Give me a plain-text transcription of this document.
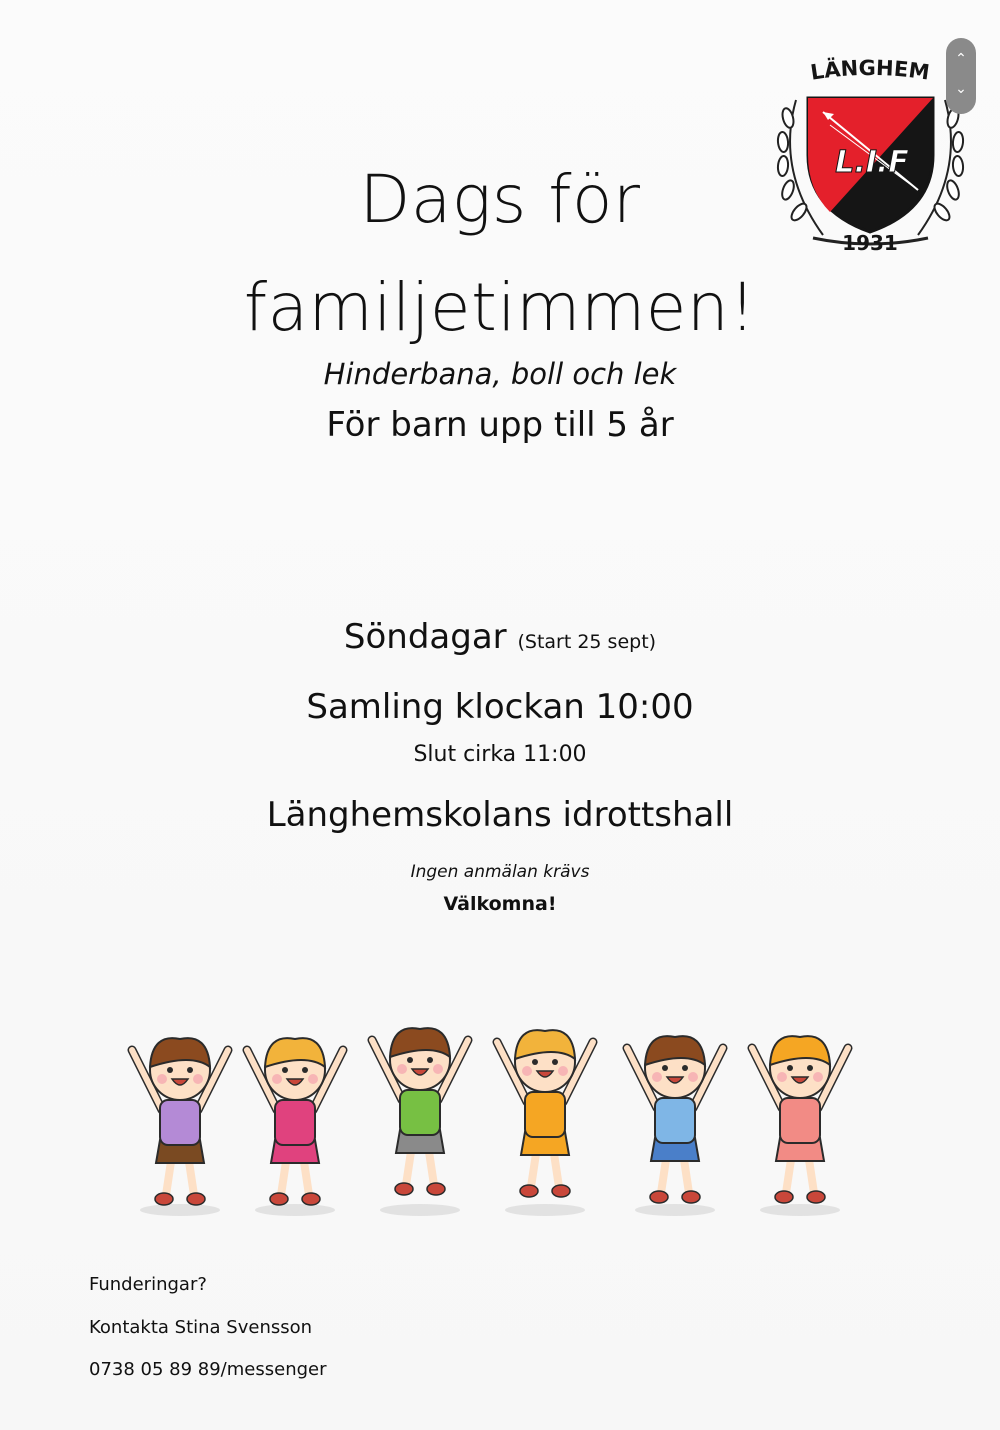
L.I.F
LÄNGHEM
1931
⌃
⌄
Dags för
familjetimmen!
Hinderbana, boll och lek
För barn upp till 5 år
Söndagar (Start 25 sept)
Samling klockan 10:00
Slut cirka 11:00
Länghemskolans idrottshall
Ingen anmälan krävs
Välkomna!
Funderingar?
Kontakta Stina Svensson
0738 05 89 89/messenger
